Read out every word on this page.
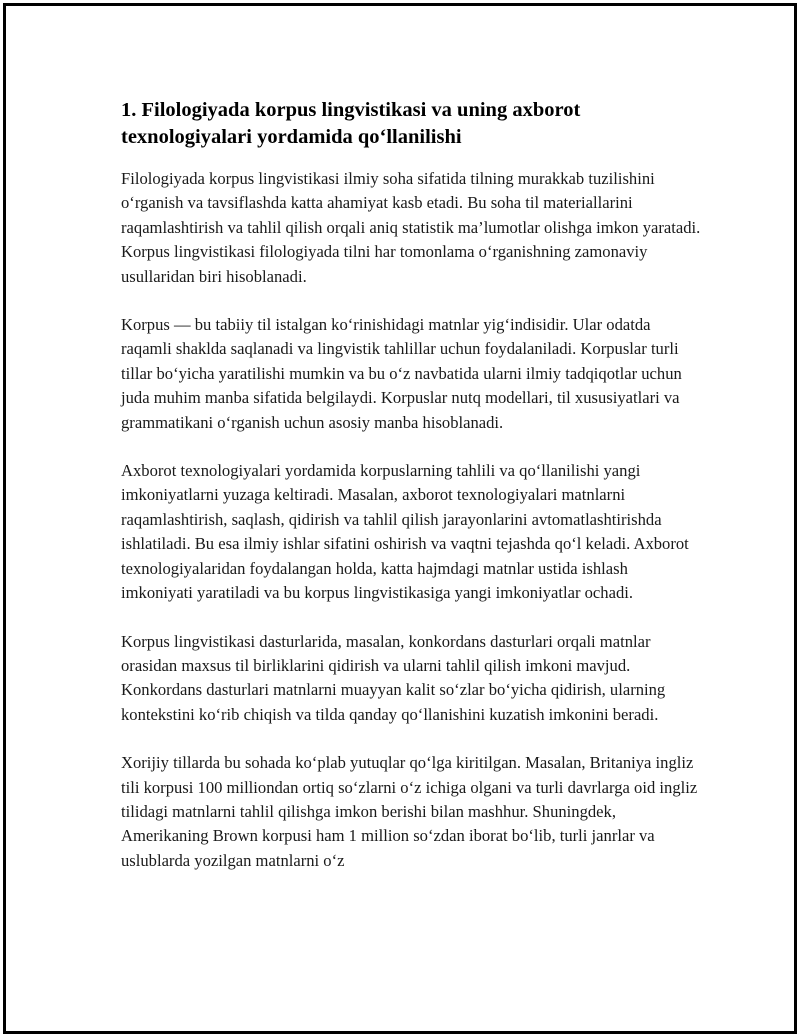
1. Filologiyada korpus lingvistikasi va uning axborot texnologiyalari yordamida qo‘llanilishi

Filologiyada korpus lingvistikasi ilmiy soha sifatida tilning murakkab tuzilishini o‘rganish va tavsiflashda katta ahamiyat kasb etadi. Bu soha til materiallarini raqamlashtirish va tahlil qilish orqali aniq statistik ma’lumotlar olishga imkon yaratadi. Korpus lingvistikasi filologiyada tilni har tomonlama o‘rganishning zamonaviy usullaridan biri hisoblanadi.

Korpus — bu tabiiy til istalgan ko‘rinishidagi matnlar yig‘indisidir. Ular odatda raqamli shaklda saqlanadi va lingvistik tahlillar uchun foydalaniladi. Korpuslar turli tillar bo‘yicha yaratilishi mumkin va bu o‘z navbatida ularni ilmiy tadqiqotlar uchun juda muhim manba sifatida belgilaydi. Korpuslar nutq modellari, til xususiyatlari va grammatikani o‘rganish uchun asosiy manba hisoblanadi.

Axborot texnologiyalari yordamida korpuslarning tahlili va qo‘llanilishi yangi imkoniyatlarni yuzaga keltiradi. Masalan, axborot texnologiyalari matnlarni raqamlashtirish, saqlash, qidirish va tahlil qilish jarayonlarini avtomatlashtirishda ishlatiladi. Bu esa ilmiy ishlar sifatini oshirish va vaqtni tejashda qo‘l keladi. Axborot texnologiyalaridan foydalangan holda, katta hajmdagi matnlar ustida ishlash imkoniyati yaratiladi va bu korpus lingvistikasiga yangi imkoniyatlar ochadi.

Korpus lingvistikasi dasturlarida, masalan, konkordans dasturlari orqali matnlar orasidan maxsus til birliklarini qidirish va ularni tahlil qilish imkoni mavjud. Konkordans dasturlari matnlarni muayyan kalit so‘zlar bo‘yicha qidirish, ularning kontekstini ko‘rib chiqish va tilda qanday qo‘llanishini kuzatish imkonini beradi.

Xorijiy tillarda bu sohada ko‘plab yutuqlar qo‘lga kiritilgan. Masalan, Britaniya ingliz tili korpusi 100 milliondan ortiq so‘zlarni o‘z ichiga olgani va turli davrlarga oid ingliz tilidagi matnlarni tahlil qilishga imkon berishi bilan mashhur. Shuningdek, Amerikaning Brown korpusi ham 1 million so‘zdan iborat bo‘lib, turli janrlar va uslublarda yozilgan matnlarni o‘z
